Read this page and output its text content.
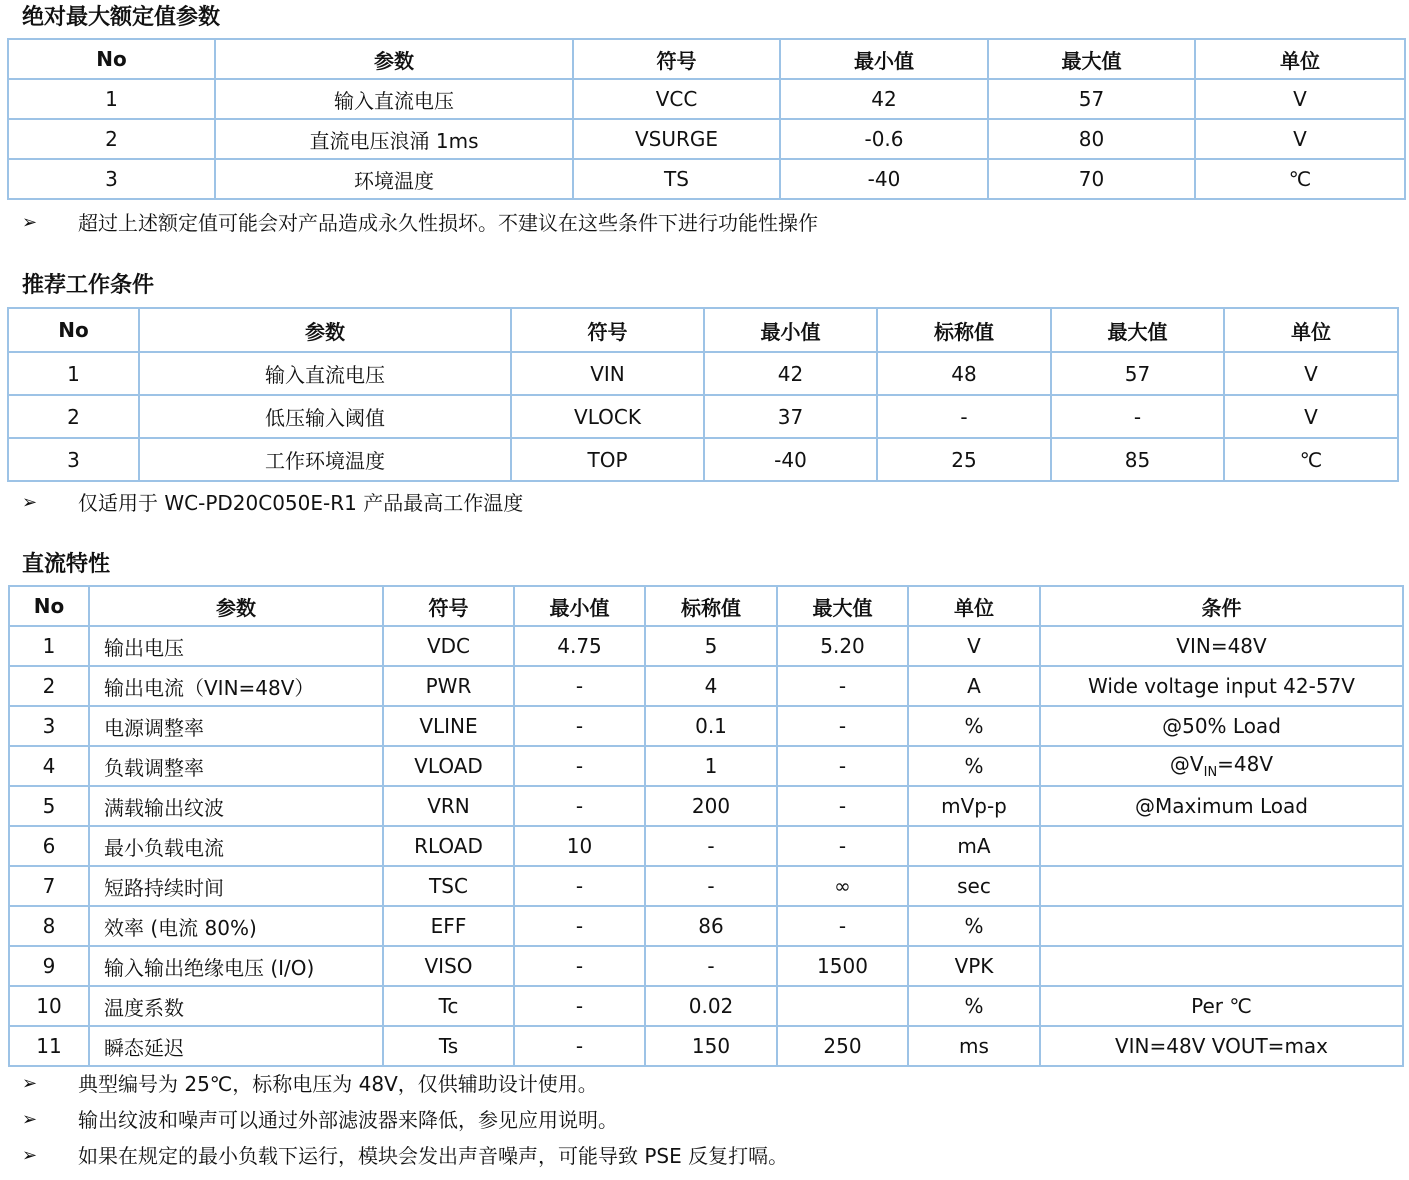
绝对最大额定值参数
No	参数	符号	最小值	最大值	单位
1	输入直流电压	VCC	42	57	V
2	直流电压浪涌 1ms	VSURGE	-0.6	80	V
3	环境温度	TS	-40	70	℃
➢ 超过上述额定值可能会对产品造成永久性损坏。不建议在这些条件下进行功能性操作
推荐工作条件
No	参数	符号	最小值	标称值	最大值	单位
1	输入直流电压	VIN	42	48	57	V
2	低压输入阈值	VLOCK	37	-	-	V
3	工作环境温度	TOP	-40	25	85	℃
➢ 仅适用于 WC-PD20C050E-R1 产品最高工作温度
直流特性
No	参数	符号	最小值	标称值	最大值	单位	条件
1	输出电压	VDC	4.75	5	5.20	V	VIN=48V
2	输出电流（VIN=48V）	PWR	-	4	-	A	Wide voltage input 42-57V
3	电源调整率	VLINE	-	0.1	-	%	@50% Load
4	负载调整率	VLOAD	-	1	-	%	$@V_{IN}=48V$
5	满载输出纹波	VRN	-	200	-	mVp-p	@Maximum Load
6	最小负载电流	RLOAD	10	-	-	mA	
7	短路持续时间	TSC	-	-	∞	sec	
8	效率 (电流 80%)	EFF	-	86	-	%	
9	输入输出绝缘电压 (I/O)	VISO	-	-	1500	VPK	
10	温度系数	Tc	-	0.02		%	Per ℃
11	瞬态延迟	Ts	-	150	250	ms	VIN=48V VOUT=max
➢ 典型编号为 25℃，标称电压为 48V，仅供辅助设计使用。
➢ 输出纹波和噪声可以通过外部滤波器来降低，参见应用说明。
➢ 如果在规定的最小负载下运行，模块会发出声音噪声，可能导致 PSE 反复打嗝。
